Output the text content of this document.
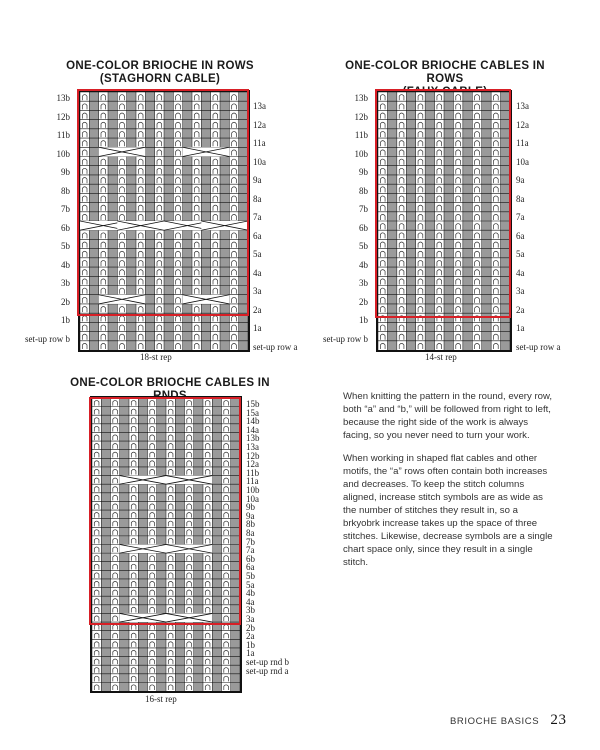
ONE-COLOR BRIOCHE IN ROWS
(STAGHORN CABLE)
13b
12b
11b
10b
9b
8b
7b
6b
5b
4b
3b
2b
1b
set-up row b
13a
12a
11a
10a
9a
8a
7a
6a
5a
4a
3a
2a
1a
set-up row a
18-st rep
ONE-COLOR BRIOCHE CABLES IN ROWS
13b
12b
11b
10b
9b
8b
7b
6b
5b
4b
3b
2b
1b
set-up row b
13a
12a
11a
10a
9a
8a
7a
6a
5a
4a
3a
2a
1a
set-up row a
14-st rep
ONE-COLOR BRIOCHE CABLES IN
15b
15a
14b
14a
13b
13a
12b
12a
11b
11a
10b
10a
9b
9a
8b
8a
7b
7a
6b
6a
5b
5a
4b
4a
3b
3a
2b
2a
1b
1a
set-up rnd b
set-up rnd a
16-st rep

When knitting the pattern in the round, every row, both “a” and “b,” will be followed from right to left, because the right side of the work is always facing, so you never need to turn your work.

When working in shaped flat cables and other motifs, the “a” rows often contain both increases and decreases. To keep the stitch columns aligned, increase stitch symbols are as wide as the number of stitches they result in, so a brkyobrk increase takes up the space of three stitches. Likewise, decrease symbols are a single chart space only, since they result in a single stitch.

BRIOCHE BASICS 23
